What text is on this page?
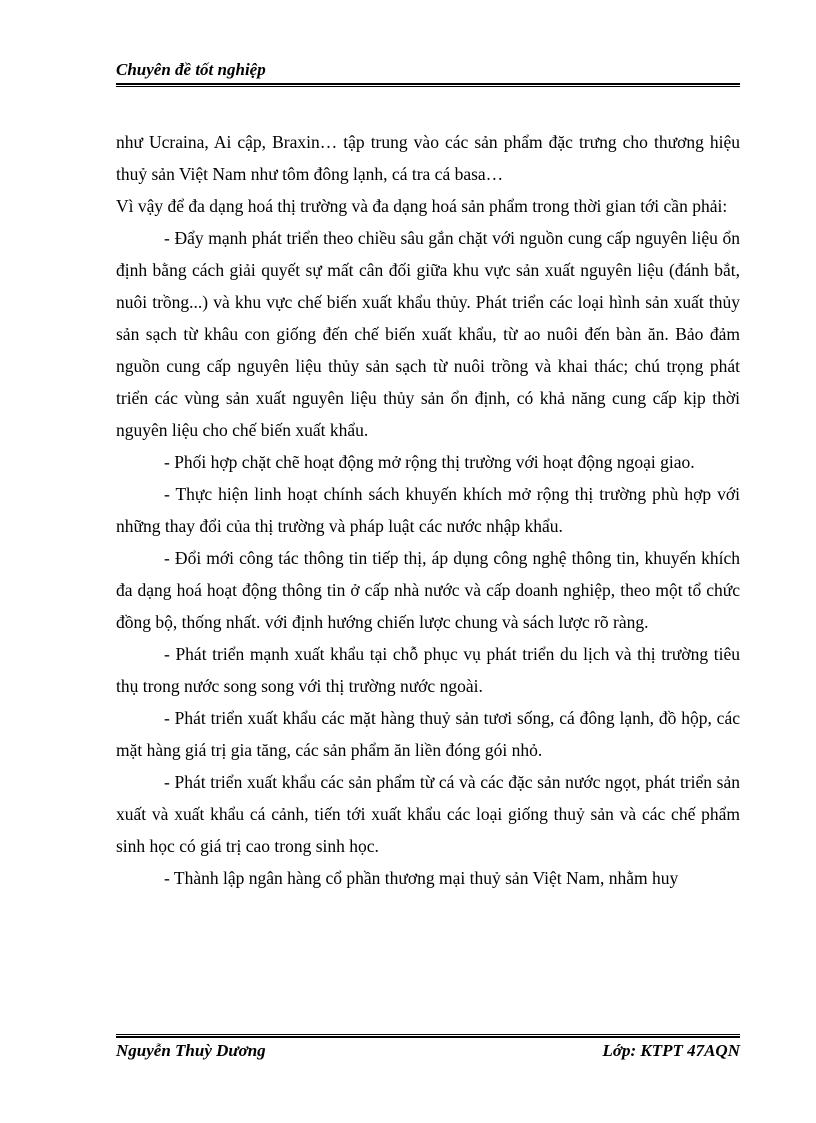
Chuyên đề tốt nghiệp

như Ucraina, Ai cập, Braxin… tập trung vào các sản phẩm đặc trưng cho thương hiệu thuỷ sản Việt Nam như tôm đông lạnh, cá tra cá basa…

Vì vậy để đa dạng hoá thị trường và đa dạng hoá sản phẩm trong thời gian tới cần phải:

- Đẩy mạnh phát triển theo chiều sâu gắn chặt với nguồn cung cấp nguyên liệu ổn định bằng cách giải quyết sự mất cân đối giữa khu vực sản xuất nguyên liệu (đánh bắt, nuôi trồng...) và khu vực chế biến xuất khẩu thủy. Phát triển các loại hình sản xuất thủy sản sạch từ khâu con giống đến chế biến xuất khẩu, từ ao nuôi đến bàn ăn. Bảo đảm nguồn cung cấp nguyên liệu thủy sản sạch từ nuôi trồng và khai thác; chú trọng phát triển các vùng sản xuất nguyên liệu thủy sản ổn định, có khả năng cung cấp kịp thời nguyên liệu cho chế biến xuất khẩu.

- Phối hợp chặt chẽ hoạt động mở rộng thị trường với hoạt động ngoại giao.

- Thực hiện linh hoạt chính sách khuyến khích mở rộng thị trường phù hợp với những thay đổi của thị trường và pháp luật các nước nhập khẩu.

- Đổi mới công tác thông tin tiếp thị, áp dụng công nghệ thông tin, khuyến khích đa dạng hoá hoạt động thông tin ở cấp nhà nước và cấp doanh nghiệp, theo một tổ chức đồng bộ, thống nhất. với định hướng chiến lược chung và sách lược rõ ràng.

- Phát triển mạnh xuất khẩu tại chỗ phục vụ phát triển du lịch và thị trường tiêu thụ trong nước song song với thị trường nước ngoài.

- Phát triển xuất khẩu các mặt hàng thuỷ sản tươi sống, cá đông lạnh, đồ hộp, các mặt hàng giá trị gia tăng, các sản phẩm ăn liền đóng gói nhỏ.

- Phát triển xuất khẩu các sản phẩm từ cá và các đặc sản nước ngọt, phát triển sản xuất và xuất khẩu cá cảnh, tiến tới xuất khẩu các loại giống thuỷ sản và các chế phẩm sinh học có giá trị cao trong sinh học.

- Thành lập ngân hàng cổ phần thương mại thuỷ sản Việt Nam, nhằm huy

Nguyễn Thuỳ Dương	Lớp: KTPT 47AQN
